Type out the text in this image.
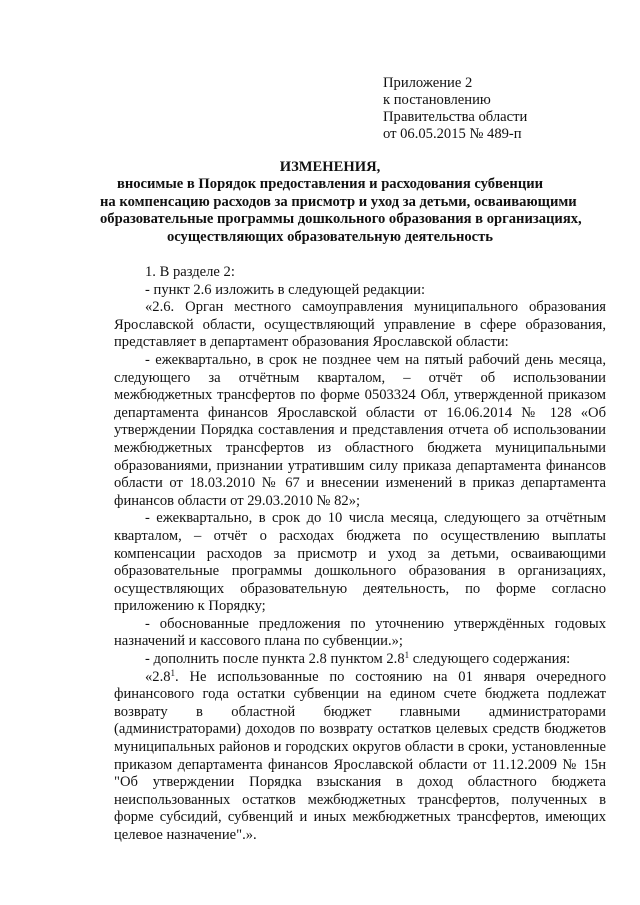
Приложение 2
к постановлению
Правительства области
от 06.05.2015 № 489-п
ИЗМЕНЕНИЯ,
вносимые в Порядок предоставления и расходования субвенции
на компенсацию расходов за присмотр и уход за детьми, осваивающими
образовательные программы дошкольного образования в организациях,
осуществляющих образовательную деятельность

1. В разделе 2:

- пункт 2.6 изложить в следующей редакции:

«2.6. Орган местного самоуправления муниципального образования Ярославской области, осуществляющий управление в сфере образования, представляет в департамент образования Ярославской области:

- ежеквартально, в срок не позднее чем на пятый рабочий день месяца, следующего за отчётным кварталом, – отчёт об использовании межбюджетных трансфертов по форме 0503324 Обл, утвержденной приказом департамента финансов Ярославской области от 16.06.2014 № 128 «Об утверждении Порядка составления и представления отчета об использовании межбюджетных трансфертов из областного бюджета муниципальными образованиями, признании утратившим силу приказа департамента финансов области от 18.03.2010 № 67 и внесении изменений в приказ департамента финансов области от 29.03.2010 № 82»;

- ежеквартально, в срок до 10 числа месяца, следующего за отчётным кварталом, – отчёт о расходах бюджета по осуществлению выплаты компенсации расходов за присмотр и уход за детьми, осваивающими образовательные программы дошкольного образования в организациях, осуществляющих образовательную деятельность, по форме согласно приложению к Порядку;

- обоснованные предложения по уточнению утверждённых годовых назначений и кассового плана по субвенции.»;

- дополнить после пункта 2.8 пунктом $2.8^1$ следующего содержания:

«$2.8^1$. Не использованные по состоянию на 01 января очередного финансового года остатки субвенции на едином счете бюджета подлежат возврату в областной бюджет главными администраторами (администраторами) доходов по возврату остатков целевых средств бюджетов муниципальных районов и городских округов области в сроки, установленные приказом департамента финансов Ярославской области от 11.12.2009 № 15н "Об утверждении Порядка взыскания в доход областного бюджета неиспользованных остатков межбюджетных трансфертов, полученных в форме субсидий, субвенций и иных межбюджетных трансфертов, имеющих целевое назначение".».
